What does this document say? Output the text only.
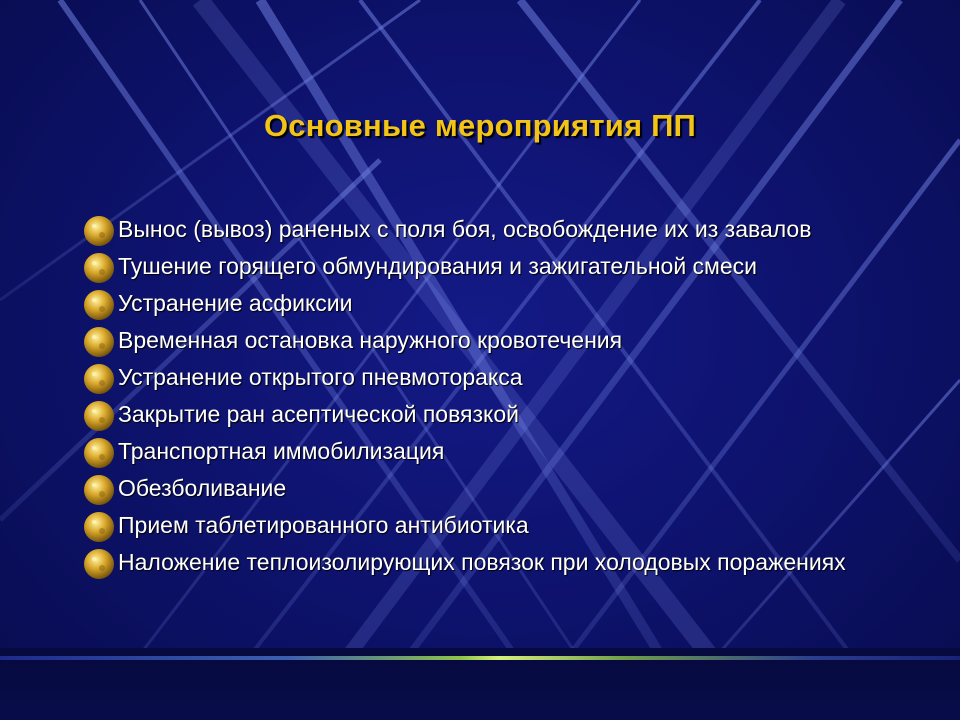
Основные мероприятия ПП
Вынос (вывоз) раненых с поля боя, освобождение их из завалов
Тушение горящего обмундирования и зажигательной смеси
Устранение асфиксии
Временная остановка наружного кровотечения
Устранение открытого пневмоторакса
Закрытие ран асептической повязкой
Транспортная иммобилизация
Обезболивание
Прием таблетированного антибиотика
Наложение теплоизолирующих повязок при холодовых поражениях
